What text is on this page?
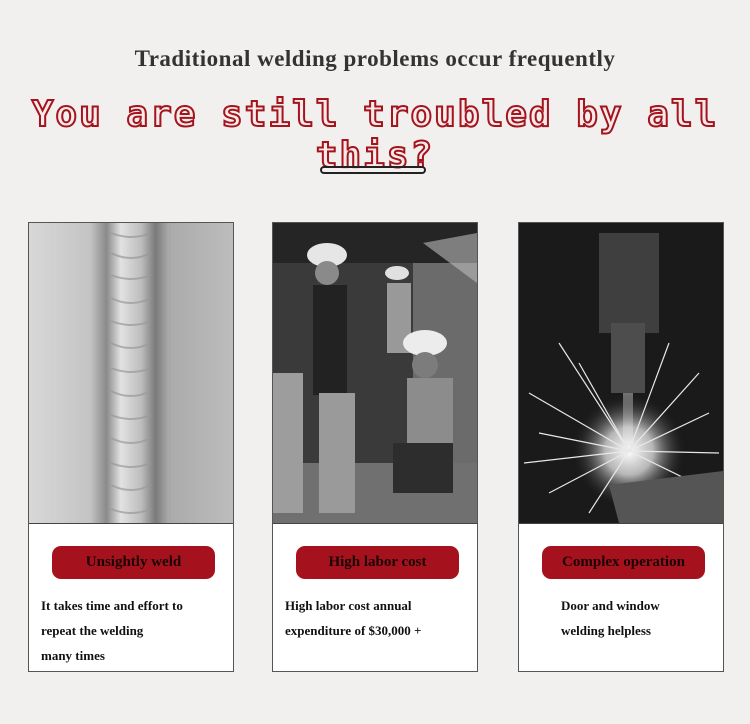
Traditional welding problems occur frequently
You are still troubled by all this?
Unsightly weld
It takes time and effort to
repeat the welding
many times
High labor cost
High labor cost annual
expenditure of $30,000 +
Complex operation
Door and window
welding helpless
